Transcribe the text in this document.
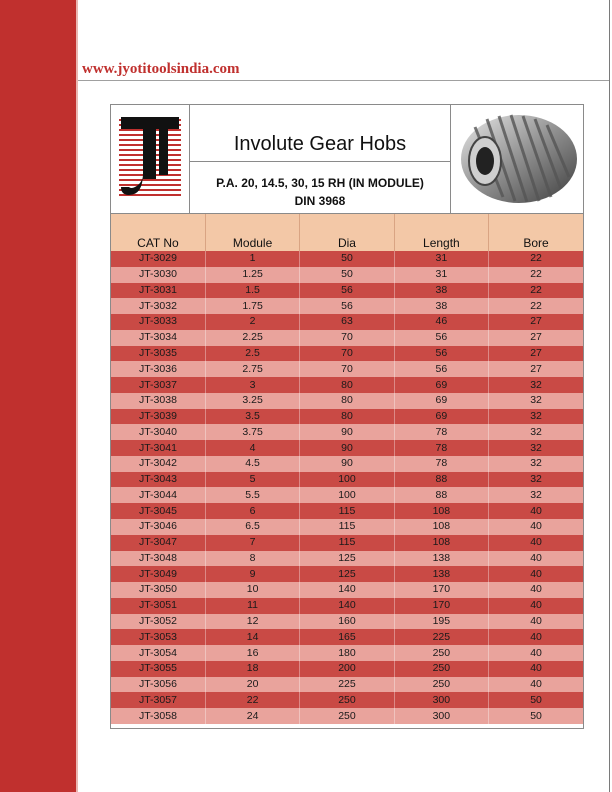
www.jyotitoolsindia.com
Involute Gear Hobs
P.A. 20, 14.5, 30, 15 RH (IN MODULE)
DIN 3968
CAT No	Module	Dia	Length	Bore
JT-3029	1	50	31	22
JT-3030	1.25	50	31	22
JT-3031	1.5	56	38	22
JT-3032	1.75	56	38	22
JT-3033	2	63	46	27
JT-3034	2.25	70	56	27
JT-3035	2.5	70	56	27
JT-3036	2.75	70	56	27
JT-3037	3	80	69	32
JT-3038	3.25	80	69	32
JT-3039	3.5	80	69	32
JT-3040	3.75	90	78	32
JT-3041	4	90	78	32
JT-3042	4.5	90	78	32
JT-3043	5	100	88	32
JT-3044	5.5	100	88	32
JT-3045	6	115	108	40
JT-3046	6.5	115	108	40
JT-3047	7	115	108	40
JT-3048	8	125	138	40
JT-3049	9	125	138	40
JT-3050	10	140	170	40
JT-3051	11	140	170	40
JT-3052	12	160	195	40
JT-3053	14	165	225	40
JT-3054	16	180	250	40
JT-3055	18	200	250	40
JT-3056	20	225	250	40
JT-3057	22	250	300	50
JT-3058	24	250	300	50
